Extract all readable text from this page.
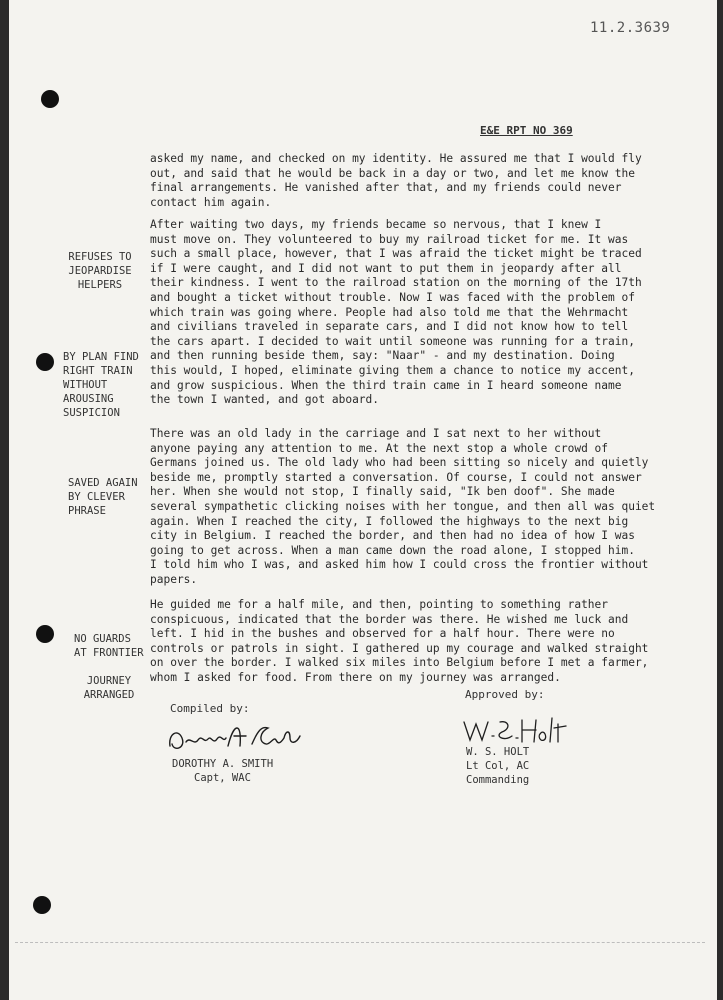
11.2.3639
E&E RPT NO 369
asked my name, and checked on my identity. He assured me that I would fly
out, and said that he would be back in a day or two, and let me know the
final arrangements. He vanished after that, and my friends could never
contact him again.
After waiting two days, my friends became so nervous, that I knew I
must move on. They volunteered to buy my railroad ticket for me. It was
such a small place, however, that I was afraid the ticket might be traced
if I were caught, and I did not want to put them in jeopardy after all
their kindness. I went to the railroad station on the morning of the 17th
and bought a ticket without trouble. Now I was faced with the problem of
which train was going where. People had also told me that the Wehrmacht
and civilians traveled in separate cars, and I did not know how to tell
the cars apart. I decided to wait until someone was running for a train,
and then running beside them, say: "Naar" - and my destination. Doing
this would, I hoped, eliminate giving them a chance to notice my accent,
and grow suspicious. When the third train came in I heard someone name
the town I wanted, and got aboard.
There was an old lady in the carriage and I sat next to her without
anyone paying any attention to me. At the next stop a whole crowd of
Germans joined us. The old lady who had been sitting so nicely and quietly
beside me, promptly started a conversation. Of course, I could not answer
her. When she would not stop, I finally said, "Ik ben doof". She made
several sympathetic clicking noises with her tongue, and then all was quiet
again. When I reached the city, I followed the highways to the next big
city in Belgium. I reached the border, and then had no idea of how I was
going to get across. When a man came down the road alone, I stopped him.
I told him who I was, and asked him how I could cross the frontier without
papers.
He guided me for a half mile, and then, pointing to something rather
conspicuous, indicated that the border was there. He wished me luck and
left. I hid in the bushes and observed for a half hour. There were no
controls or patrols in sight. I gathered up my courage and walked straight
on over the border. I walked six miles into Belgium before I met a farmer,
whom I asked for food. From there on my journey was arranged.
REFUSES TO
JEOPARDISE
HELPERS
BY PLAN FIND
RIGHT TRAIN
WITHOUT
AROUSING
SUSPICION
SAVED AGAIN
BY CLEVER
PHRASE
NO GUARDS
AT FRONTIER
JOURNEY
ARRANGED
Compiled by:
DOROTHY A. SMITH
Capt, WAC
Approved by:
W. S. HOLT
Lt Col, AC
Commanding
